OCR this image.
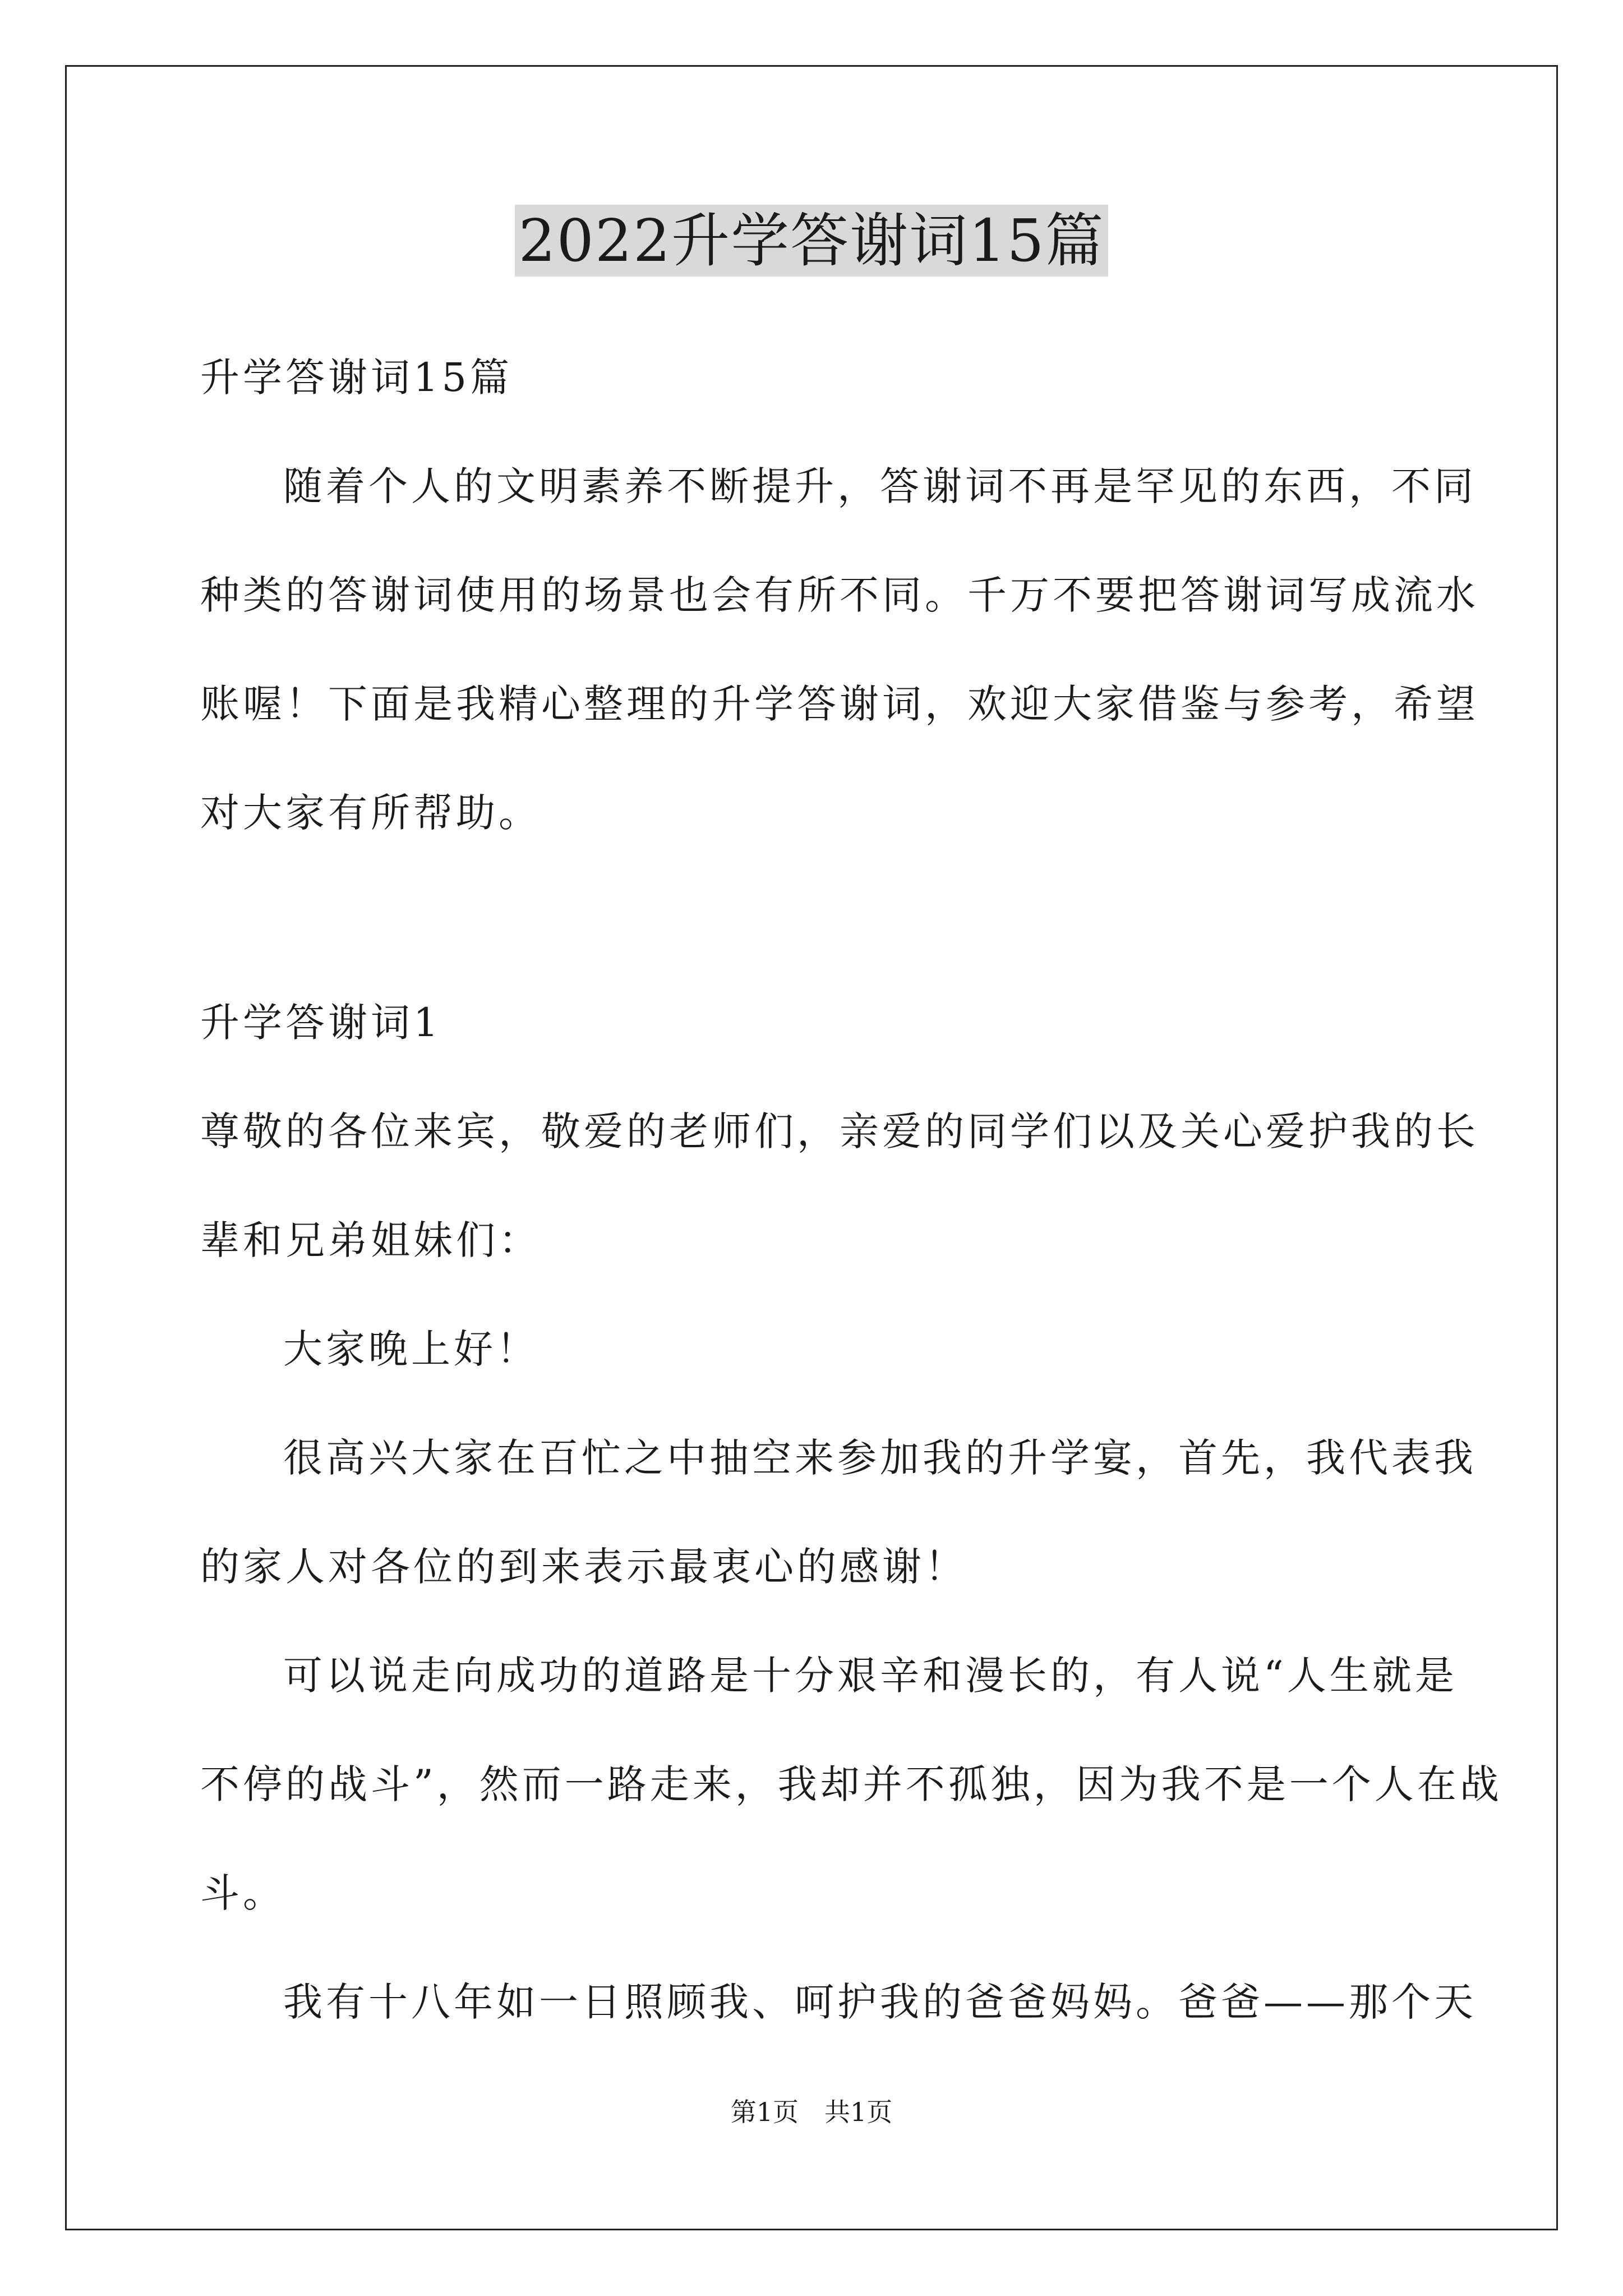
2022升学答谢词15篇
升学答谢词15篇
随着个人的文明素养不断提升，答谢词不再是罕见的东西，不同
种类的答谢词使用的场景也会有所不同。千万不要把答谢词写成流水
账喔！下面是我精心整理的升学答谢词，欢迎大家借鉴与参考，希望
对大家有所帮助。
升学答谢词1
尊敬的各位来宾，敬爱的老师们，亲爱的同学们以及关心爱护我的长
辈和兄弟姐妹们：
大家晚上好！
很高兴大家在百忙之中抽空来参加我的升学宴，首先，我代表我
的家人对各位的到来表示最衷心的感谢！
可以说走向成功的道路是十分艰辛和漫长的，有人说“人生就是
不停的战斗”，然而一路走来，我却并不孤独，因为我不是一个人在战
斗。
我有十八年如一日照顾我、呵护我的爸爸妈妈。爸爸——那个天
第1页　共1页
